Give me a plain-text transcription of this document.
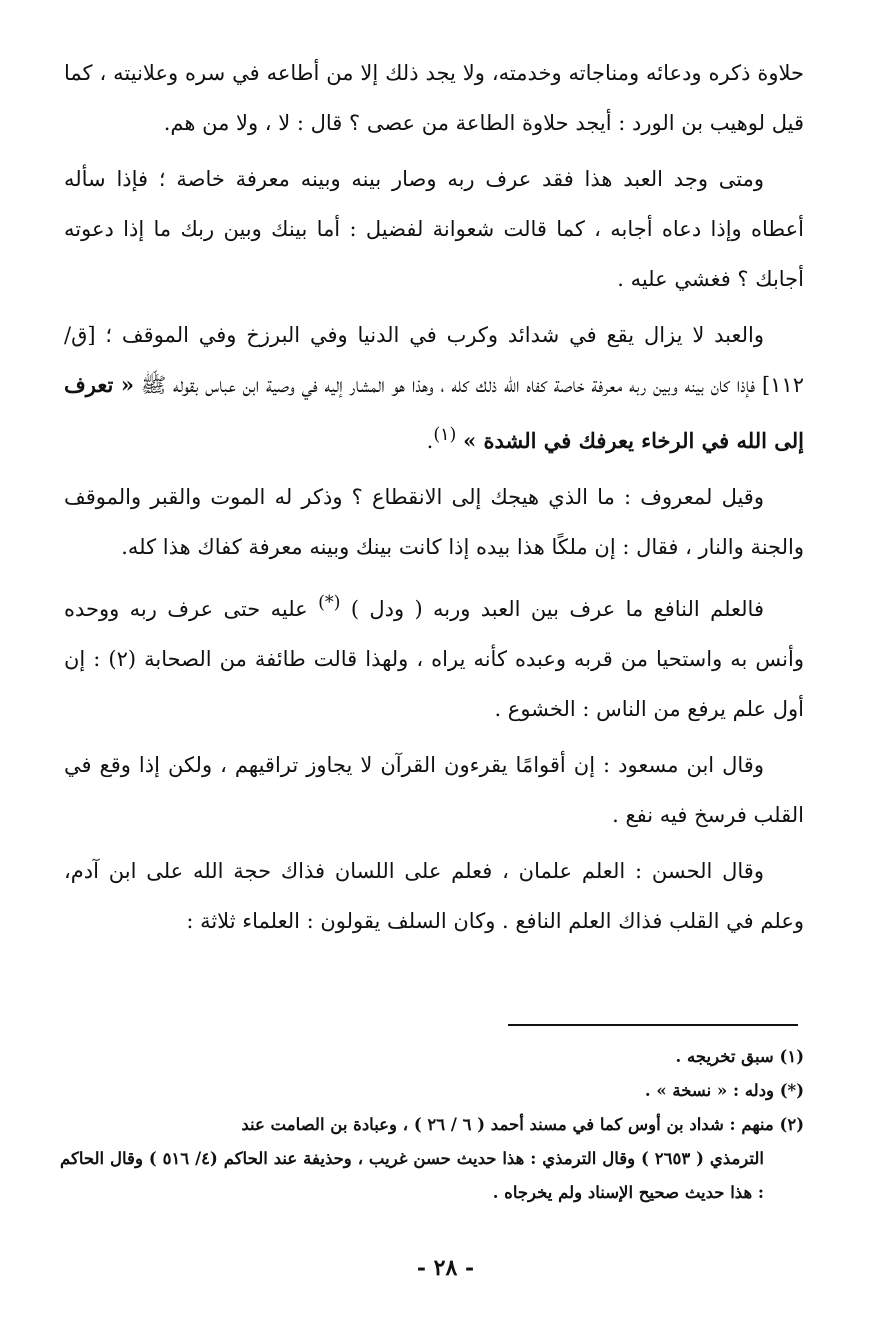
حلاوة ذكره ودعائه ومناجاته وخدمته، ولا يجد ذلك إلا من أطاعه في سره وعلانيته ، كما قيل لوهيب بن الورد : أيجد حلاوة الطاعة من عصى ؟ قال : لا ، ولا من هم.

ومتى وجد العبد هذا فقد عرف ربه وصار بينه وبينه معرفة خاصة ؛ فإذا سأله أعطاه وإذا دعاه أجابه ، كما قالت شعوانة لفضيل : أما بينك وبين ربك ما إذا دعوته أجابك ؟ فغشي عليه .

والعبد لا يزال يقع في شدائد وكرب في الدنيا وفي البرزخ وفي الموقف ؛ [ق/ ١١٢] فإذا كان بينه وبين ربه معرفة خاصة كفاه الله ذلك كله ، وهذا هو المشار إليه في وصية ابن عباس بقوله ﷺ « تعرف إلى الله في الرخاء يعرفك في الشدة » $^{(١)}$.

وقيل لمعروف : ما الذي هيجك إلى الانقطاع ؟ وذكر له الموت والقبر والموقف والجنة والنار ، فقال : إن ملكًا هذا بيده إذا كانت بينك وبينه معرفة كفاك هذا كله.

فالعلم النافع ما عرف بين العبد وربه ( ودل ) (*) عليه حتى عرف ربه ووحده وأنس به واستحيا من قربه وعبده كأنه يراه ، ولهذا قالت طائفة من الصحابة (٢) : إن أول علم يرفع من الناس : الخشوع .

وقال ابن مسعود : إن أقوامًا يقرءون القرآن لا يجاوز تراقيهم ، ولكن إذا وقع في القلب فرسخ فيه نفع .

وقال الحسن : العلم علمان ، فعلم على اللسان فذاك حجة الله على ابن آدم، وعلم في القلب فذاك العلم النافع . وكان السلف يقولون : العلماء ثلاثة :

(١) سبق تخريجه .

(*) ودله : « نسخة » .

(٢) منهم : شداد بن أوس كما في مسند أحمد ( ٦ / ٢٦ ) ، وعبادة بن الصامت عند
الترمذي ( ٢٦٥٣ ) وقال الترمذي : هذا حديث حسن غريب ، وحذيفة عند الحاكم (٤/ ٥١٦ ) وقال الحاكم : هذا حديث صحيح الإسناد ولم يخرجاه .

- ٢٨ -
